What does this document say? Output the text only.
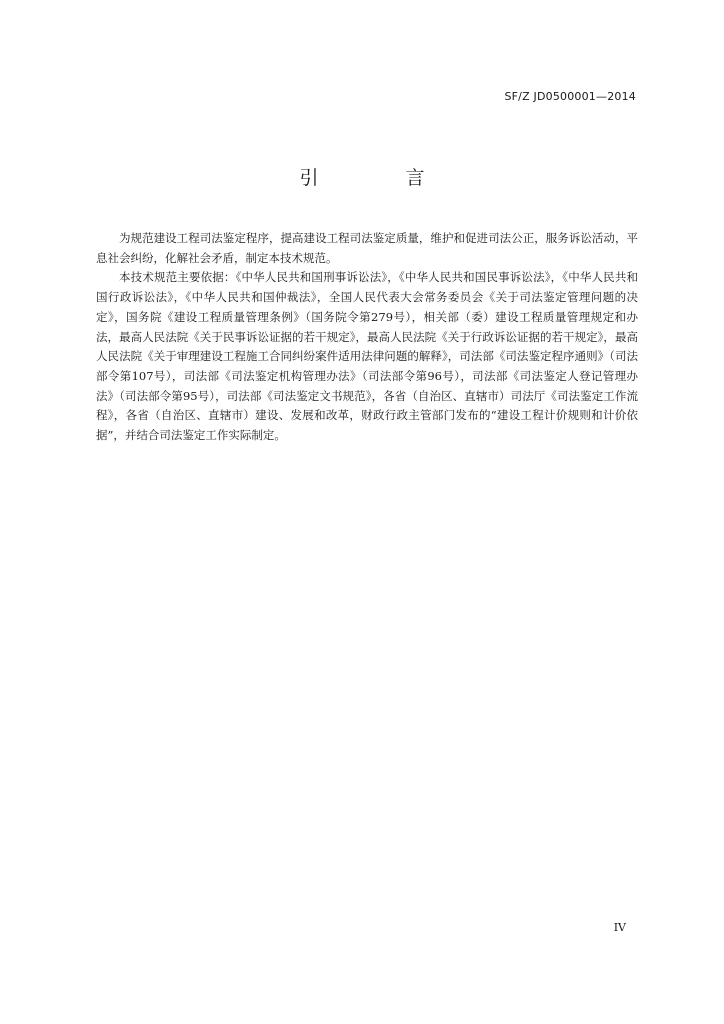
SF/Z JD0500001—2014
引　言

为规范建设工程司法鉴定程序，提高建设工程司法鉴定质量，维护和促进司法公正，服务诉讼活动，平息社会纠纷，化解社会矛盾，制定本技术规范。

本技术规范主要依据：《中华人民共和国刑事诉讼法》，《中华人民共和国民事诉讼法》，《中华人民共和国行政诉讼法》，《中华人民共和国仲裁法》，全国人民代表大会常务委员会《关于司法鉴定管理问题的决定》，国务院《建设工程质量管理条例》（国务院令第279号），相关部（委）建设工程质量管理规定和办法，最高人民法院《关于民事诉讼证据的若干规定》，最高人民法院《关于行政诉讼证据的若干规定》，最高人民法院《关于审理建设工程施工合同纠纷案件适用法律问题的解释》，司法部《司法鉴定程序通则》（司法部令第107号），司法部《司法鉴定机构管理办法》（司法部令第96号），司法部《司法鉴定人登记管理办法》（司法部令第95号），司法部《司法鉴定文书规范》，各省（自治区、直辖市）司法厅《司法鉴定工作流程》，各省（自治区、直辖市）建设、发展和改革，财政行政主管部门发布的“建设工程计价规则和计价依据”，并结合司法鉴定工作实际制定。

IV
